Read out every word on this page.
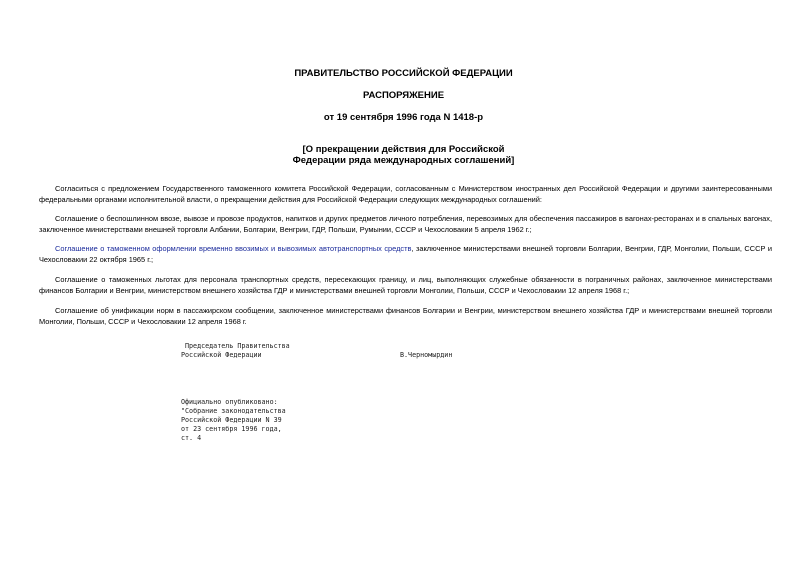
ПРАВИТЕЛЬСТВО РОССИЙСКОЙ ФЕДЕРАЦИИ
РАСПОРЯЖЕНИЕ
от 19 сентября 1996 года N 1418-р
[О прекращении действия для Российской
Федерации ряда международных соглашений]
Согласиться с предложением Государственного таможенного комитета Российской Федерации, согласованным с Министерством иностранных дел Российской Федерации и другими заинтересованными федеральными органами исполнительной власти, о прекращении действия для Российской Федерации следующих международных соглашений:
Соглашение о беспошлинном ввозе, вывозе и провозе продуктов, напитков и других предметов личного потребления, перевозимых для обеспечения пассажиров в вагонах-ресторанах и в спальных вагонах, заключенное министерствами внешней торговли Албании, Болгарии, Венгрии, ГДР, Польши, Румынии, СССР и Чехословакии 5 апреля 1962 г.;
Соглашение о таможенном оформлении временно ввозимых и вывозимых автотранспортных средств, заключенное министерствами внешней торговли Болгарии, Венгрии, ГДР, Монголии, Польши, СССР и Чехословакии 22 октября 1965 г.;
Соглашение о таможенных льготах для персонала транспортных средств, пересекающих границу, и лиц, выполняющих служебные обязанности в пограничных районах, заключенное министерствами финансов Болгарии и Венгрии, министерством внешнего хозяйства ГДР и министерствами внешней торговли Монголии, Польши, СССР и Чехословакии 12 апреля 1968 г.;
Соглашение об унификации норм в пассажирском сообщении, заключенное министерствами финансов Болгарии и Венгрии, министерством внешнего хозяйства ГДР и министерствами внешней торговли Монголии, Польши, СССР и Чехословакии 12 апреля 1968 г.
Председатель Правительства
Российской Федерации	В.Черномырдин
Официально опубликовано:
"Собрание законодательства
Российской Федерации N 39
от 23 сентября 1996 года,
ст. 4
